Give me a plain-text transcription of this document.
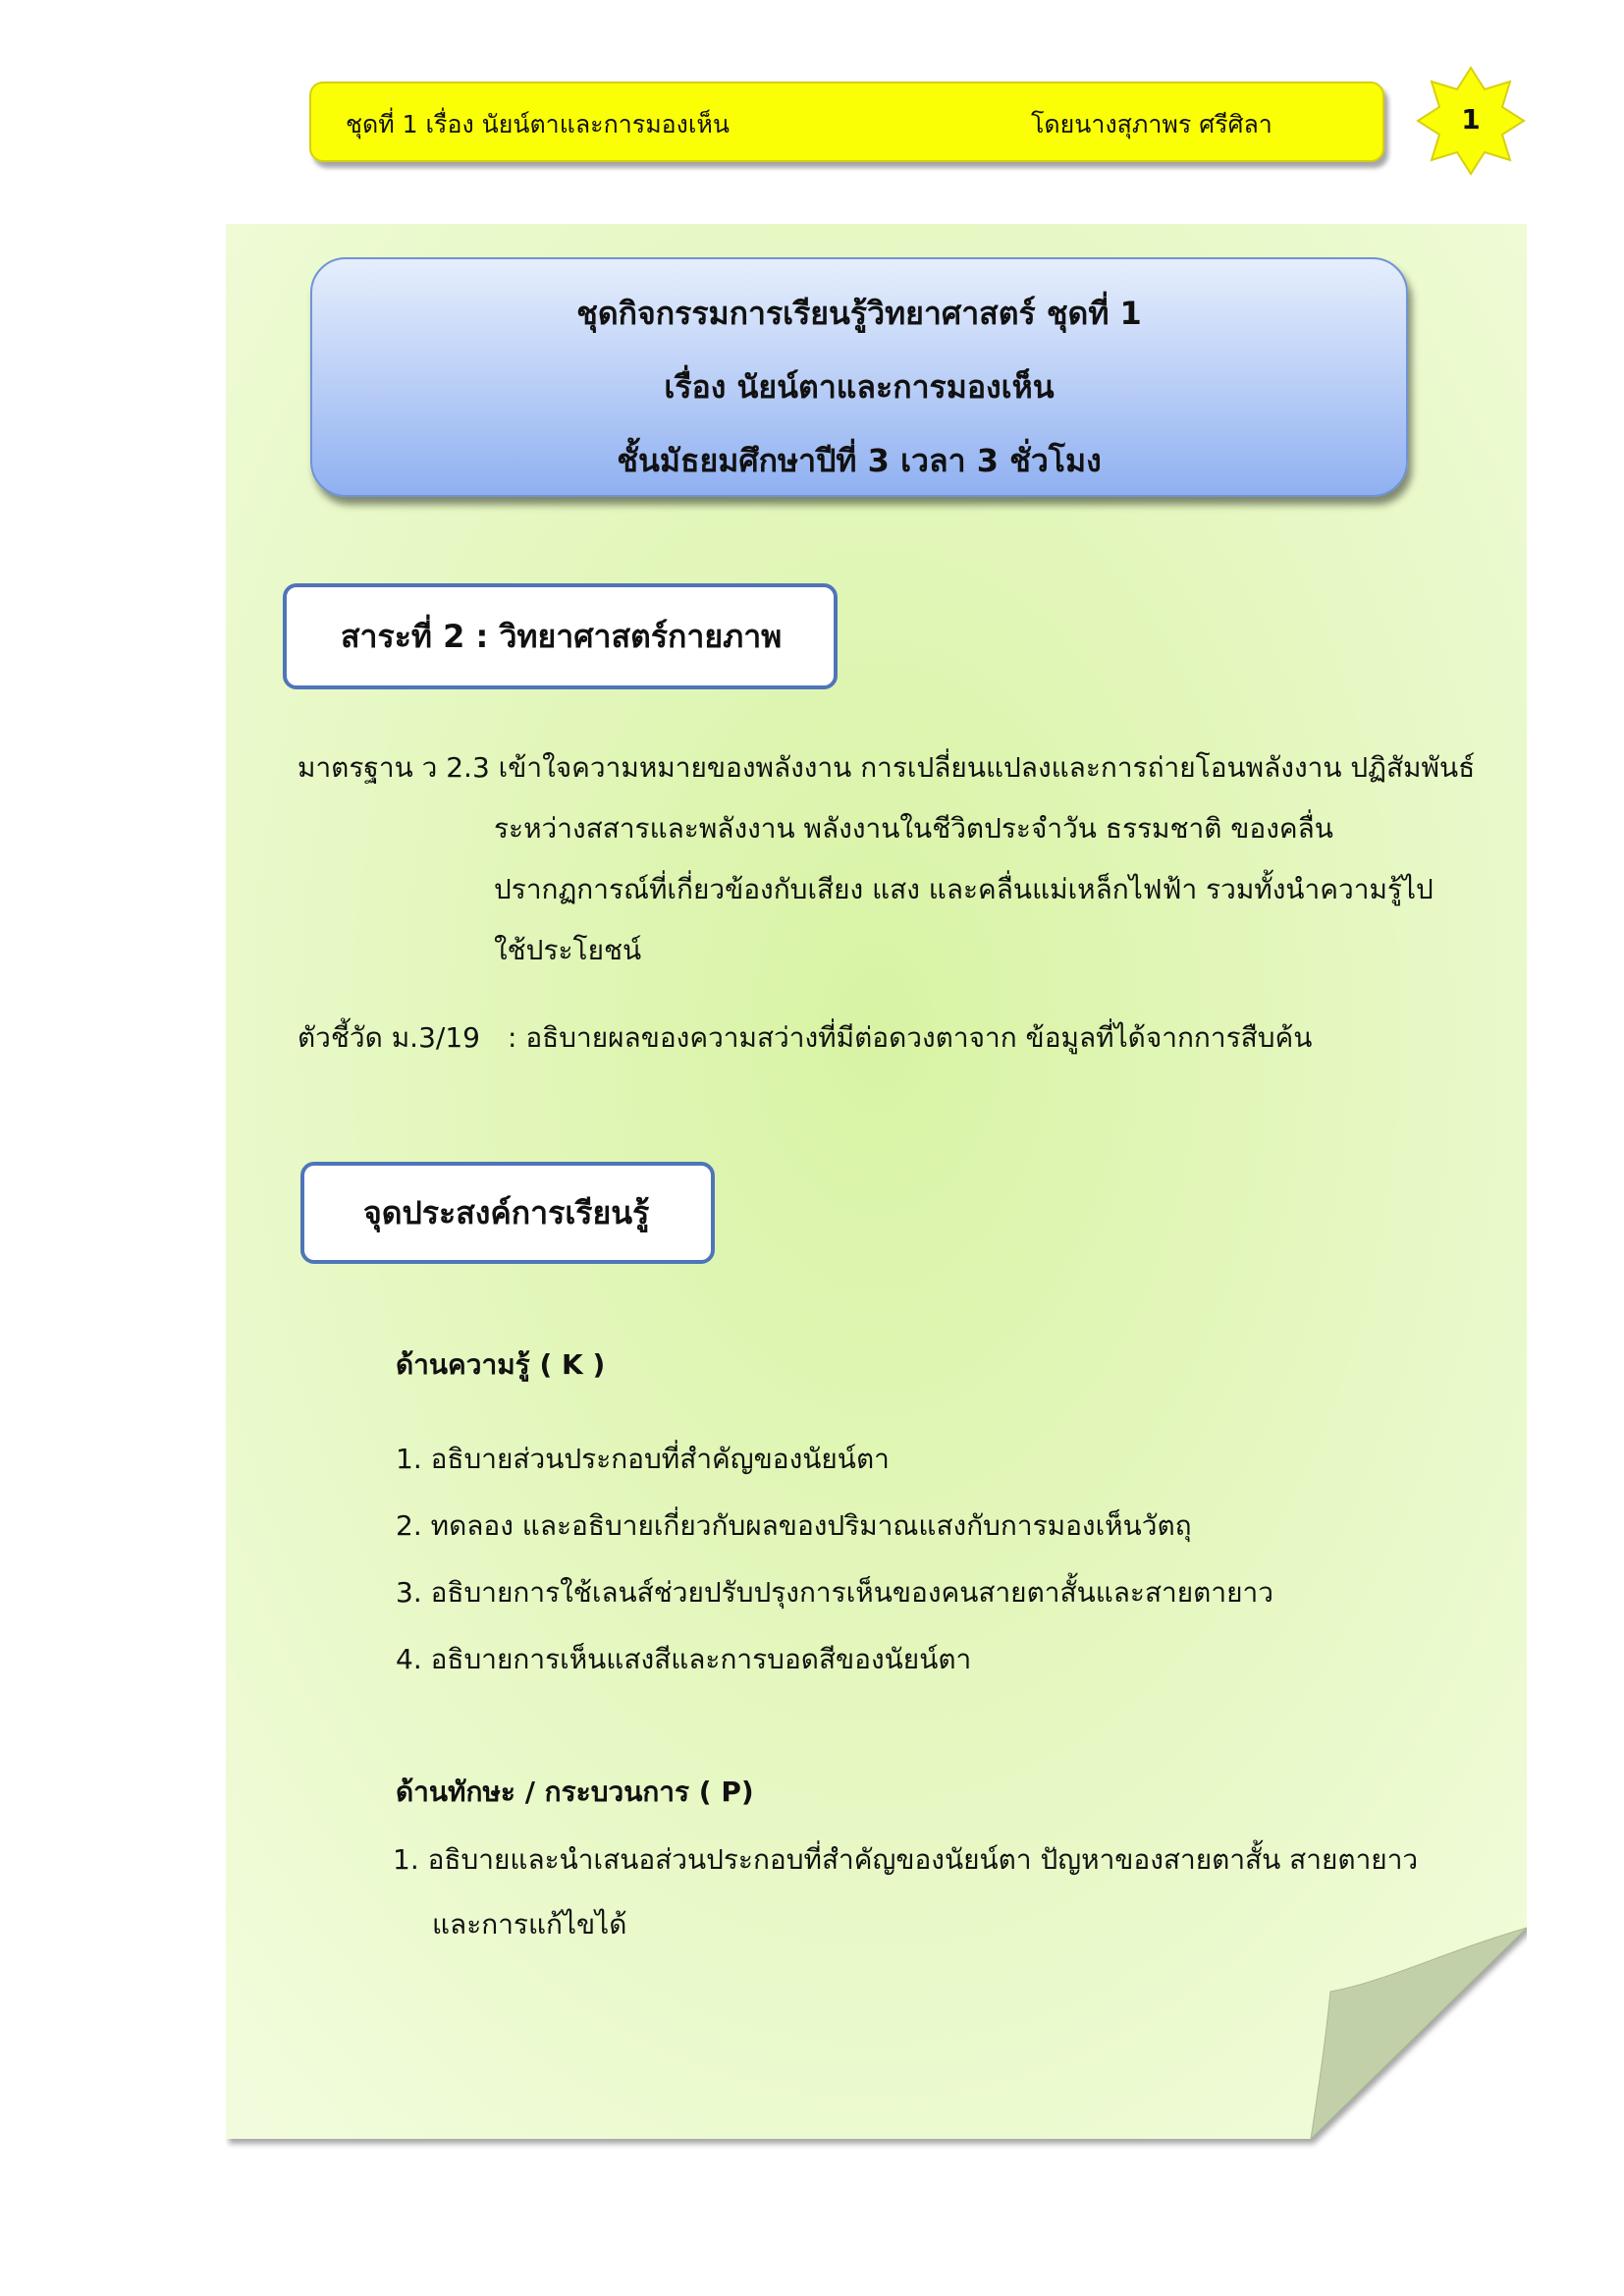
ชุดที่ 1 เรื่อง นัยน์ตาและการมองเห็น	โดยนางสุภาพร ศรีศิลา	1
ชุดกิจกรรมการเรียนรู้วิทยาศาสตร์ ชุดที่ 1
เรื่อง นัยน์ตาและการมองเห็น
ชั้นมัธยมศึกษาปีที่ 3 เวลา 3 ชั่วโมง
สาระที่ 2 : วิทยาศาสตร์กายภาพ
มาตรฐาน ว 2.3 เข้าใจความหมายของพลังงาน การเปลี่ยนแปลงและการถ่ายโอนพลังงาน ปฏิสัมพันธ์
ระหว่างสสารและพลังงาน พลังงานในชีวิตประจำวัน ธรรมชาติ ของคลื่น
ปรากฏการณ์ที่เกี่ยวข้องกับเสียง แสง และคลื่นแม่เหล็กไฟฟ้า รวมทั้งนำความรู้ไป
ใช้ประโยชน์
ตัวชี้วัด ม.3/19 : อธิบายผลของความสว่างที่มีต่อดวงตาจาก ข้อมูลที่ได้จากการสืบค้น
จุดประสงค์การเรียนรู้
ด้านความรู้ ( K )
1. อธิบายส่วนประกอบที่สำคัญของนัยน์ตา
2. ทดลอง และอธิบายเกี่ยวกับผลของปริมาณแสงกับการมองเห็นวัตถุ
3. อธิบายการใช้เลนส์ช่วยปรับปรุงการเห็นของคนสายตาสั้นและสายตายาว
4. อธิบายการเห็นแสงสีและการบอดสีของนัยน์ตา
ด้านทักษะ / กระบวนการ ( P)
1. อธิบายและนำเสนอส่วนประกอบที่สำคัญของนัยน์ตา ปัญหาของสายตาสั้น สายตายาว
และการแก้ไขได้
